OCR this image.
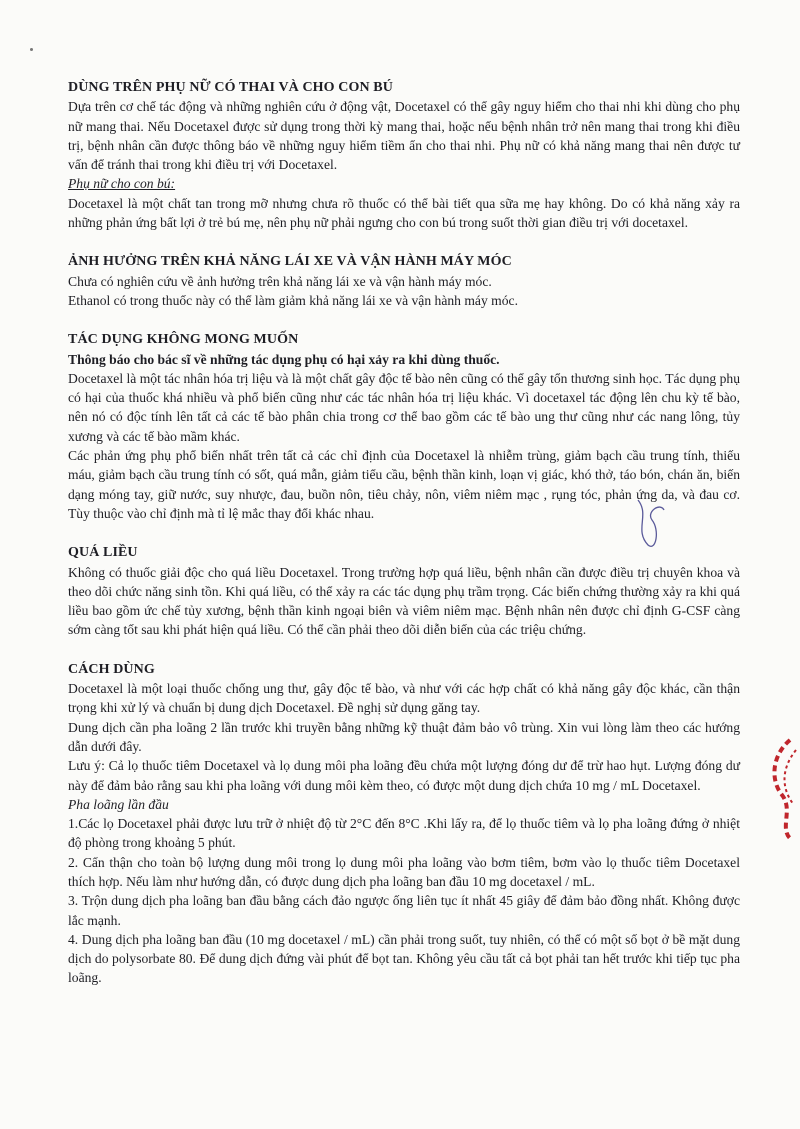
DÙNG TRÊN PHỤ NỮ CÓ THAI VÀ CHO CON BÚ

Dựa trên cơ chế tác động và những nghiên cứu ở động vật, Docetaxel có thể gây nguy hiểm cho thai nhi khi dùng cho phụ nữ mang thai. Nếu Docetaxel được sử dụng trong thời kỳ mang thai, hoặc nếu bệnh nhân trở nên mang thai trong khi điều trị, bệnh nhân cần được thông báo về những nguy hiểm tiềm ẩn cho thai nhi. Phụ nữ có khả năng mang thai nên được tư vấn để tránh thai trong khi điều trị với Docetaxel.

Phụ nữ cho con bú:

Docetaxel là một chất tan trong mỡ nhưng chưa rõ thuốc có thể bài tiết qua sữa mẹ hay không. Do có khả năng xảy ra những phản ứng bất lợi ở trẻ bú mẹ, nên phụ nữ phải ngưng cho con bú trong suốt thời gian điều trị với docetaxel.

ẢNH HƯỞNG TRÊN KHẢ NĂNG LÁI XE VÀ VẬN HÀNH MÁY MÓC

Chưa có nghiên cứu về ảnh hưởng trên khả năng lái xe và vận hành máy móc.

Ethanol có trong thuốc này có thể làm giảm khả năng lái xe và vận hành máy móc.

TÁC DỤNG KHÔNG MONG MUỐN

Thông báo cho bác sĩ về những tác dụng phụ có hại xảy ra khi dùng thuốc.

Docetaxel là một tác nhân hóa trị liệu và là một chất gây độc tế bào nên cũng có thể gây tổn thương sinh học. Tác dụng phụ có hại của thuốc khá nhiều và phổ biến cũng như các tác nhân hóa trị liệu khác. Vì docetaxel tác động lên chu kỳ tế bào, nên nó có độc tính lên tất cả các tế bào phân chia trong cơ thể bao gồm các tế bào ung thư cũng như các nang lông, tủy xương và các tế bào mầm khác.

Các phản ứng phụ phổ biến nhất trên tất cả các chỉ định của Docetaxel là nhiễm trùng, giảm bạch cầu trung tính, thiếu máu, giảm bạch cầu trung tính có sốt, quá mẫn, giảm tiểu cầu, bệnh thần kinh, loạn vị giác, khó thở, táo bón, chán ăn, biến dạng móng tay, giữ nước, suy nhược, đau, buồn nôn, tiêu chảy, nôn, viêm niêm mạc , rụng tóc, phản ứng da, và đau cơ. Tùy thuộc vào chỉ định mà tỉ lệ mắc thay đổi khác nhau.

QUÁ LIỀU

Không có thuốc giải độc cho quá liều Docetaxel. Trong trường hợp quá liều, bệnh nhân cần được điều trị chuyên khoa và theo dõi chức năng sinh tồn. Khi quá liều, có thể xảy ra các tác dụng phụ trầm trọng. Các biến chứng thường xảy ra khi quá liều bao gồm ức chế tủy xương, bệnh thần kinh ngoại biên và viêm niêm mạc. Bệnh nhân nên được chỉ định G-CSF càng sớm càng tốt sau khi phát hiện quá liều. Có thể cần phải theo dõi diễn biến của các triệu chứng.

CÁCH DÙNG

Docetaxel là một loại thuốc chống ung thư, gây độc tế bào, và như với các hợp chất có khả năng gây độc khác, cần thận trọng khi xử lý và chuẩn bị dung dịch Docetaxel. Đề nghị sử dụng găng tay.

Dung dịch cần pha loãng 2 lần trước khi truyền bằng những kỹ thuật đảm bảo vô trùng. Xin vui lòng làm theo các hướng dẫn dưới đây.

Lưu ý: Cả lọ thuốc tiêm Docetaxel và lọ dung môi pha loãng đều chứa một lượng đóng dư để trừ hao hụt. Lượng đóng dư này để đảm bảo rằng sau khi pha loãng với dung môi kèm theo, có được một dung dịch chứa 10 mg / mL Docetaxel.

Pha loãng lần đầu

1.Các lọ Docetaxel phải được lưu trữ ở nhiệt độ từ 2°C đến 8°C .Khi lấy ra, để lọ thuốc tiêm và lọ pha loãng đứng ở nhiệt độ phòng trong khoảng 5 phút.

2. Cẩn thận cho toàn bộ lượng dung môi trong lọ dung môi pha loãng vào bơm tiêm, bơm vào lọ thuốc tiêm Docetaxel thích hợp. Nếu làm như hướng dẫn, có được dung dịch pha loãng ban đầu 10 mg docetaxel / mL.

3. Trộn dung dịch pha loãng ban đầu bằng cách đảo ngược ống liên tục ít nhất 45 giây để đảm bảo đồng nhất. Không được lắc mạnh.

4. Dung dịch pha loãng ban đầu (10 mg docetaxel / mL) cần phải trong suốt, tuy nhiên, có thể có một số bọt ở bề mặt dung dịch do polysorbate 80. Để dung dịch đứng vài phút để bọt tan. Không yêu cầu tất cả bọt phải tan hết trước khi tiếp tục pha loãng.
